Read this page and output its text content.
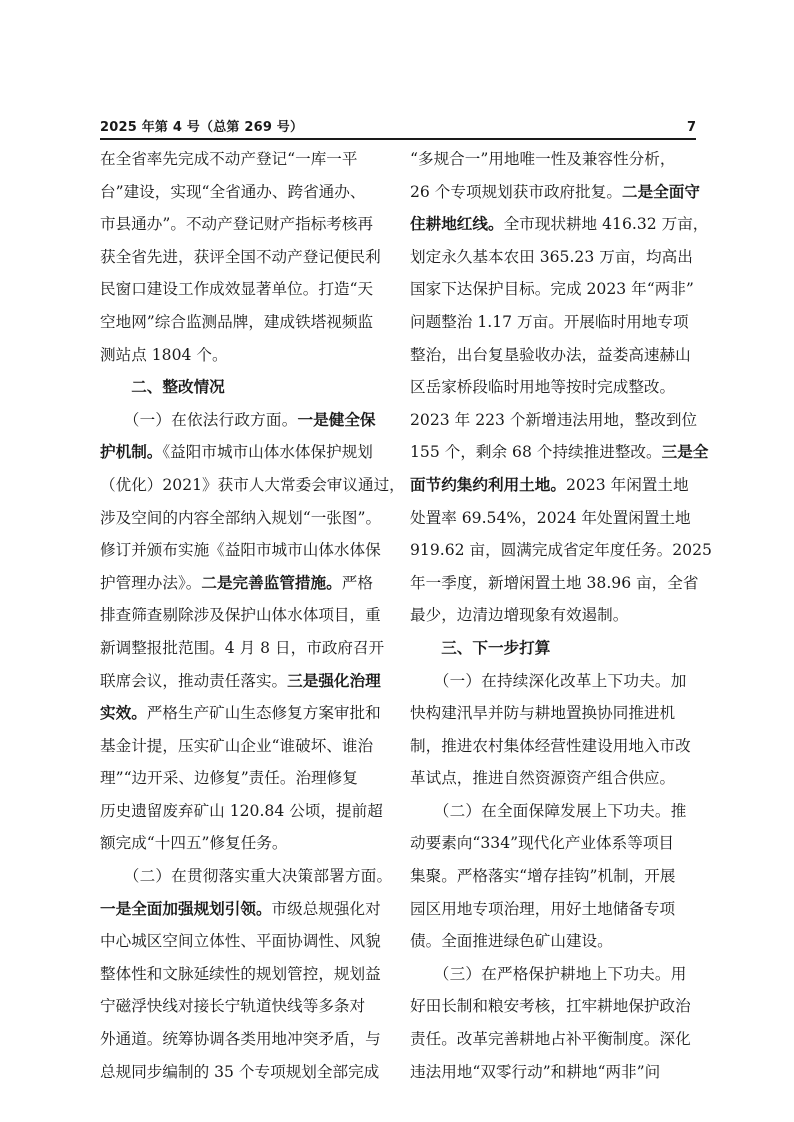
2025 年第 4 号（总第 269 号）	7
在全省率先完成不动产登记“一库一平
台”建设，实现“全省通办、跨省通办、
市县通办”。不动产登记财产指标考核再
获全省先进，获评全国不动产登记便民利
民窗口建设工作成效显著单位。打造“天
空地网”综合监测品牌，建成铁塔视频监
测站点 1804 个。
　　二、整改情况
　　（一）在依法行政方面。一是健全保
护机制。《益阳市城市山体水体保护规划
（优化）2021》获市人大常委会审议通过，
涉及空间的内容全部纳入规划“一张图”。
修订并颁布实施《益阳市城市山体水体保
护管理办法》。二是完善监管措施。严格
排查筛查剔除涉及保护山体水体项目，重
新调整报批范围。4 月 8 日，市政府召开
联席会议，推动责任落实。三是强化治理
实效。严格生产矿山生态修复方案审批和
基金计提，压实矿山企业“谁破坏、谁治
理”“边开采、边修复”责任。治理修复
历史遗留废弃矿山 120.84 公顷，提前超
额完成“十四五”修复任务。
　　（二）在贯彻落实重大决策部署方面。
一是全面加强规划引领。市级总规强化对
中心城区空间立体性、平面协调性、风貌
整体性和文脉延续性的规划管控，规划益
宁磁浮快线对接长宁轨道快线等多条对
外通道。统筹协调各类用地冲突矛盾，与
总规同步编制的 35 个专项规划全部完成
“多规合一”用地唯一性及兼容性分析，
26 个专项规划获市政府批复。二是全面守
住耕地红线。全市现状耕地 416.32 万亩，
划定永久基本农田 365.23 万亩，均高出
国家下达保护目标。完成 2023 年“两非”
问题整治 1.17 万亩。开展临时用地专项
整治，出台复垦验收办法，益娄高速赫山
区岳家桥段临时用地等按时完成整改。
2023 年 223 个新增违法用地，整改到位
155 个，剩余 68 个持续推进整改。三是全
面节约集约利用土地。2023 年闲置土地
处置率 69.54%，2024 年处置闲置土地
919.62 亩，圆满完成省定年度任务。2025
年一季度，新增闲置土地 38.96 亩，全省
最少，边清边增现象有效遏制。
　　三、下一步打算
　　（一）在持续深化改革上下功夫。加
快构建汛旱并防与耕地置换协同推进机
制，推进农村集体经营性建设用地入市改
革试点，推进自然资源资产组合供应。
　　（二）在全面保障发展上下功夫。推
动要素向“334”现代化产业体系等项目
集聚。严格落实“增存挂钩”机制，开展
园区用地专项治理，用好土地储备专项
债。全面推进绿色矿山建设。
　　（三）在严格保护耕地上下功夫。用
好田长制和粮安考核，扛牢耕地保护政治
责任。改革完善耕地占补平衡制度。深化
违法用地“双零行动”和耕地“两非”问
